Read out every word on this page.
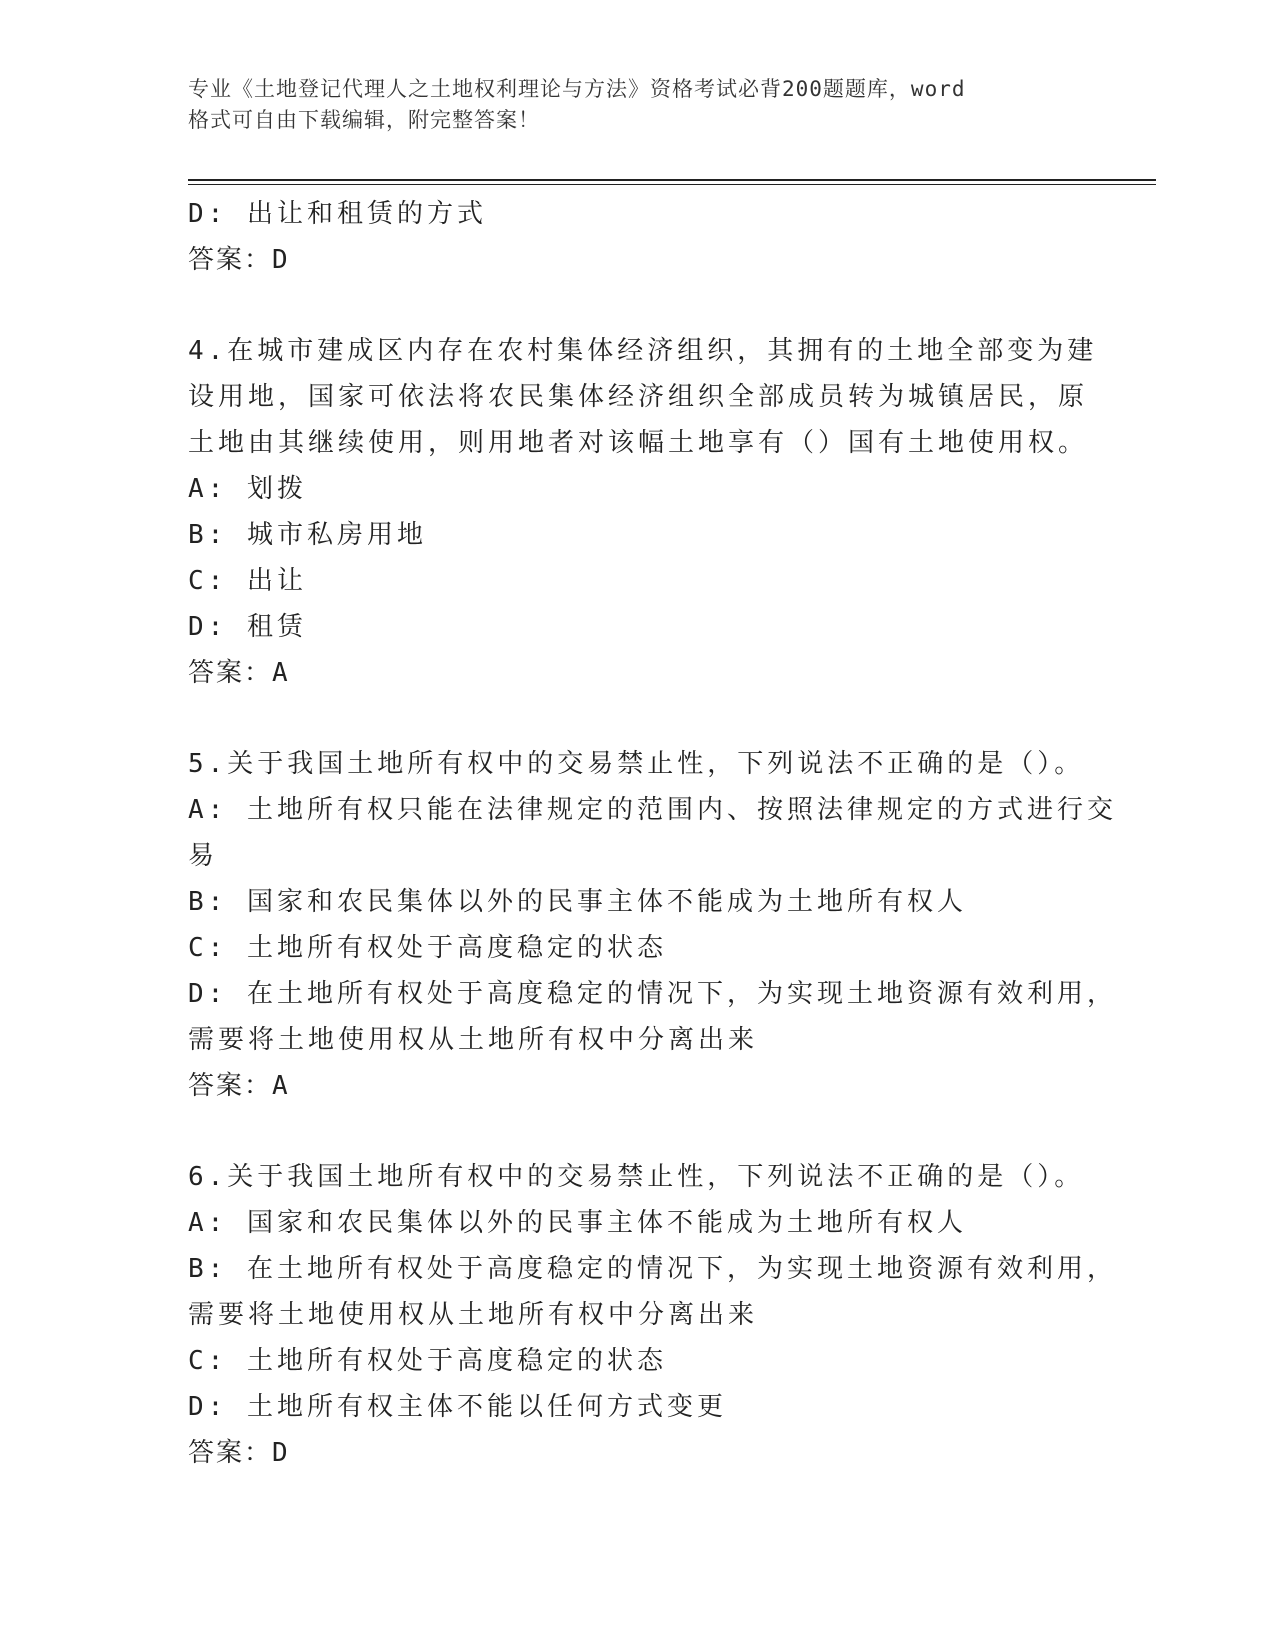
专业《土地登记代理人之土地权利理论与方法》资格考试必背200题题库，word
格式可自由下载编辑，附完整答案！
D: 出让和租赁的方式
答案：D
4.在城市建成区内存在农村集体经济组织，其拥有的土地全部变为建
设用地，国家可依法将农民集体经济组织全部成员转为城镇居民，原
土地由其继续使用，则用地者对该幅土地享有（）国有土地使用权。
A: 划拨
B: 城市私房用地
C: 出让
D: 租赁
答案：A
5.关于我国土地所有权中的交易禁止性，下列说法不正确的是（）。
A: 土地所有权只能在法律规定的范围内、按照法律规定的方式进行交
易
B: 国家和农民集体以外的民事主体不能成为土地所有权人
C: 土地所有权处于高度稳定的状态
D: 在土地所有权处于高度稳定的情况下，为实现土地资源有效利用，
需要将土地使用权从土地所有权中分离出来
答案：A
6.关于我国土地所有权中的交易禁止性，下列说法不正确的是（）。
A: 国家和农民集体以外的民事主体不能成为土地所有权人
B: 在土地所有权处于高度稳定的情况下，为实现土地资源有效利用，
需要将土地使用权从土地所有权中分离出来
C: 土地所有权处于高度稳定的状态
D: 土地所有权主体不能以任何方式变更
答案：D
